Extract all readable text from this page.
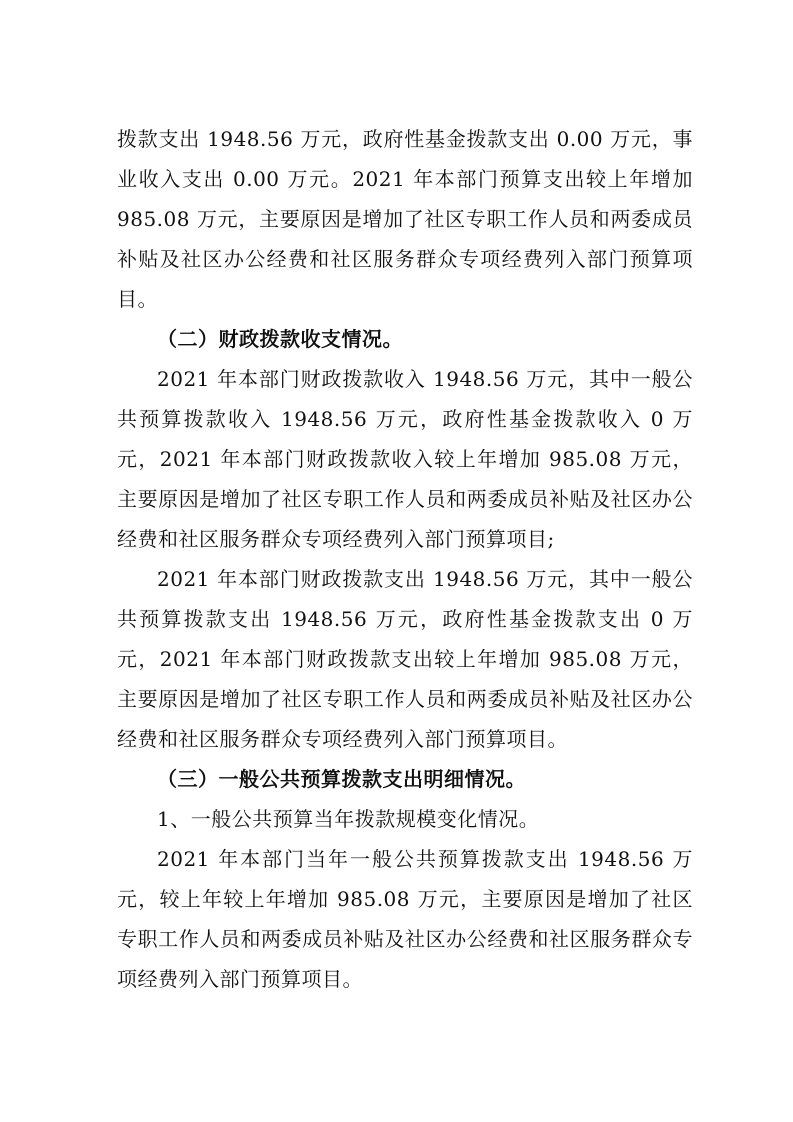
拨款支出 1948.56 万元，政府性基金拨款支出 0.00 万元，事业收入支出 0.00 万元。2021 年本部门预算支出较上年增加 985.08 万元，主要原因是增加了社区专职工作人员和两委成员补贴及社区办公经费和社区服务群众专项经费列入部门预算项目。

（二）财政拨款收支情况。

2021 年本部门财政拨款收入 1948.56 万元，其中一般公共预算拨款收入 1948.56 万元，政府性基金拨款收入 0 万元，2021 年本部门财政拨款收入较上年增加 985.08 万元，主要原因是增加了社区专职工作人员和两委成员补贴及社区办公经费和社区服务群众专项经费列入部门预算项目;

2021 年本部门财政拨款支出 1948.56 万元，其中一般公共预算拨款支出 1948.56 万元，政府性基金拨款支出 0 万元，2021 年本部门财政拨款支出较上年增加 985.08 万元，主要原因是增加了社区专职工作人员和两委成员补贴及社区办公经费和社区服务群众专项经费列入部门预算项目。

（三）一般公共预算拨款支出明细情况。

1、一般公共预算当年拨款规模变化情况。

2021 年本部门当年一般公共预算拨款支出 1948.56 万元，较上年较上年增加 985.08 万元，主要原因是增加了社区专职工作人员和两委成员补贴及社区办公经费和社区服务群众专项经费列入部门预算项目。
